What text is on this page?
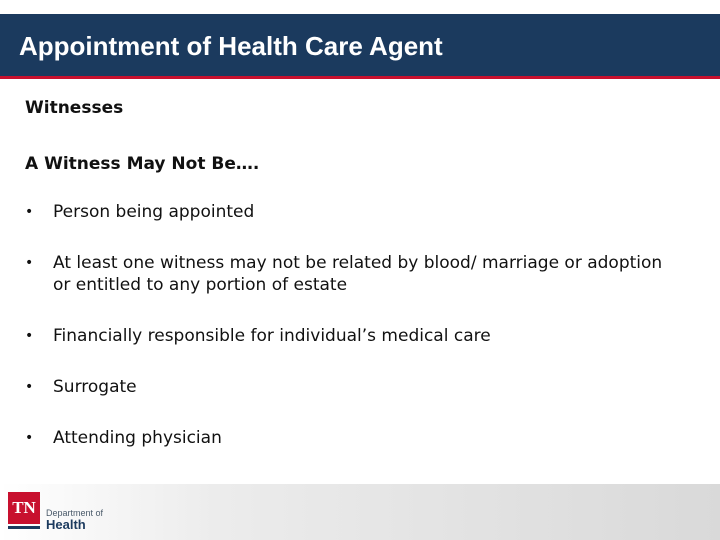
Appointment of Health Care Agent

Witnesses

A Witness May Not Be….

• Person being appointed
• At least one witness may not be related by blood/ marriage or adoption or entitled to any portion of estate
• Financially responsible for individual’s medical care
• Surrogate
• Attending physician
TN	Department of
Health
